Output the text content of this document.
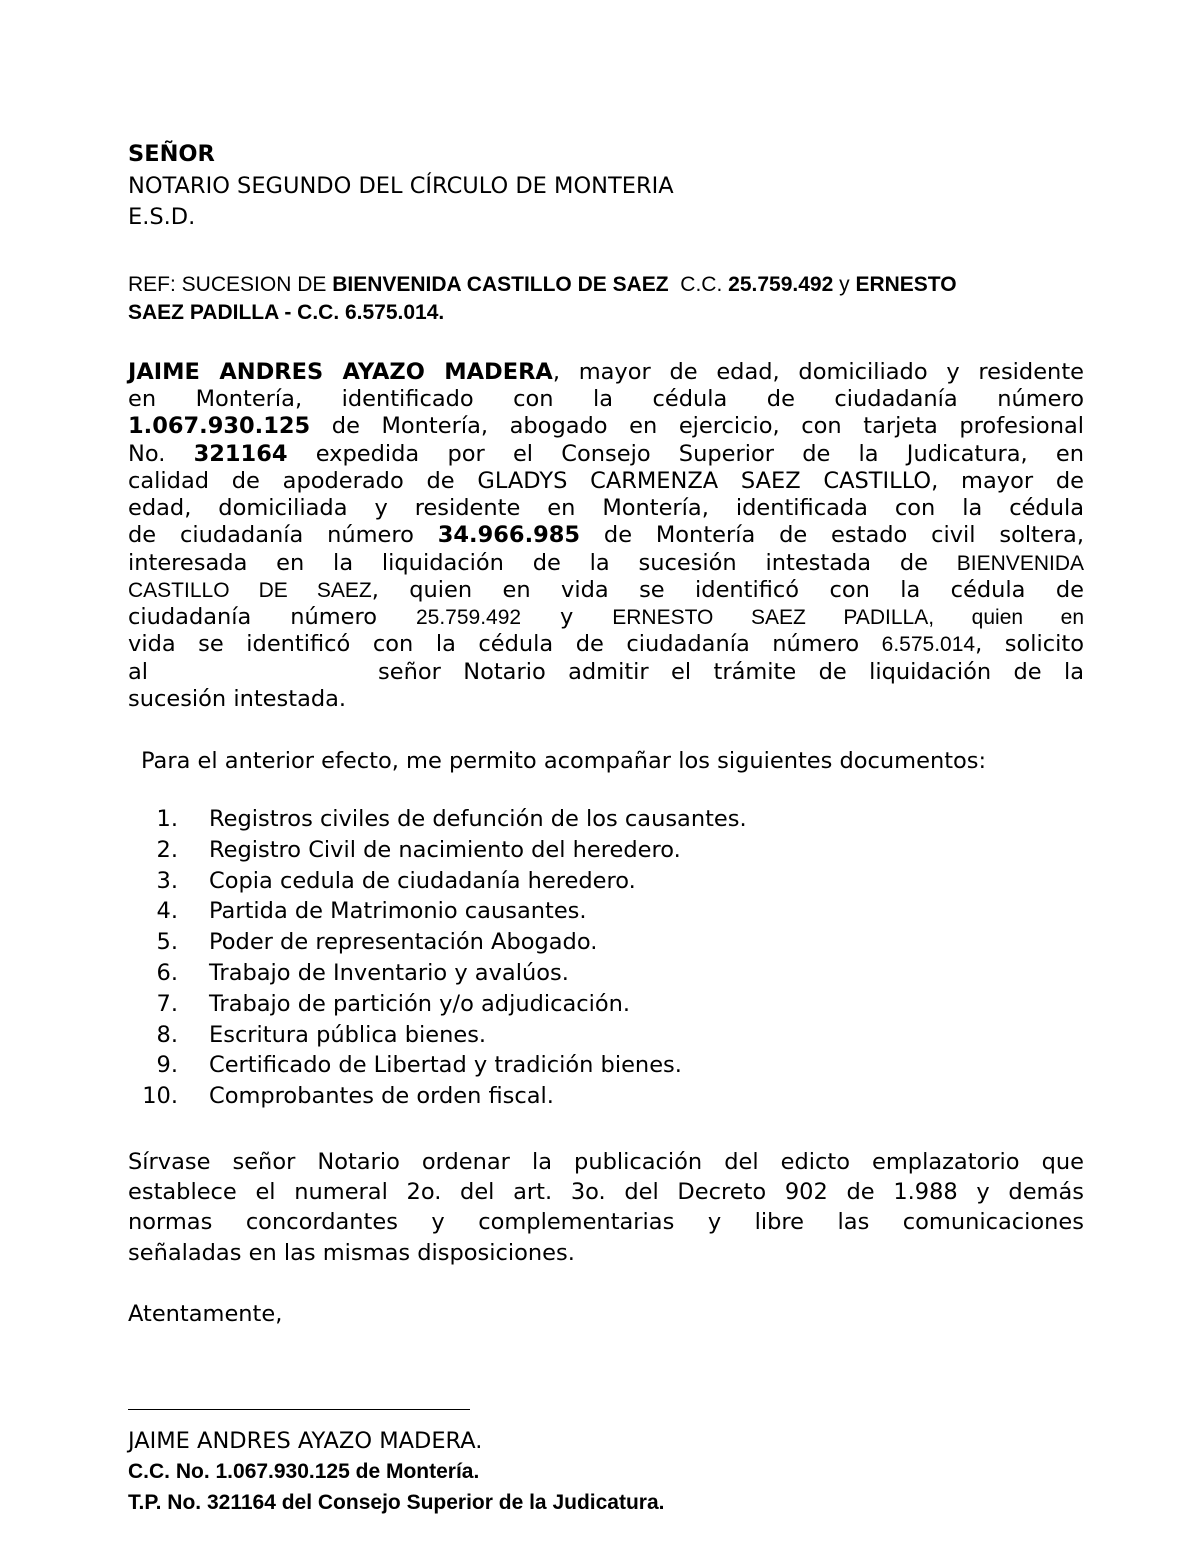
SEÑOR
NOTARIO SEGUNDO DEL CÍRCULO DE MONTERIA
E.S.D.
REF: SUCESION DE BIENVENIDA CASTILLO DE SAEZ C.C. 25.759.492 y ERNESTO
SAEZ PADILLA - C.C. 6.575.014.
JAIME ANDRES AYAZO MADERA, mayor de edad, domiciliado y residente
en Montería, identificado con la cédula de ciudadanía número
1.067.930.125 de Montería, abogado en ejercicio, con tarjeta profesional
No. 321164 expedida por el Consejo Superior de la Judicatura, en
calidad de apoderado de GLADYS CARMENZA SAEZ CASTILLO, mayor de
edad, domiciliada y residente en Montería, identificada con la cédula
de ciudadanía número 34.966.985 de Montería de estado civil soltera,
interesada en la liquidación de la sucesión intestada de BIENVENIDA
CASTILLO DE SAEZ, quien en vida se identificó con la cédula de
ciudadanía número 25.759.492 y ERNESTO SAEZ PADILLA, quien en
vida se identificó con la cédula de ciudadanía número 6.575.014, solicito
al	señor Notario admitir el trámite de liquidación de la
sucesión intestada.
Para el anterior efecto, me permito acompañar los siguientes documentos:
1. Registros civiles de defunción de los causantes.
2. Registro Civil de nacimiento del heredero.
3. Copia cedula de ciudadanía heredero.
4. Partida de Matrimonio causantes.
5. Poder de representación Abogado.
6. Trabajo de Inventario y avalúos.
7. Trabajo de partición y/o adjudicación.
8. Escritura pública bienes.
9. Certificado de Libertad y tradición bienes.
10. Comprobantes de orden fiscal.
Sírvase señor Notario ordenar la publicación del edicto emplazatorio que
establece el numeral 2o. del art. 3o. del Decreto 902 de 1.988 y demás
normas concordantes y complementarias y libre las comunicaciones
señaladas en las mismas disposiciones.
Atentamente,
JAIME ANDRES AYAZO MADERA.
C.C. No. 1.067.930.125 de Montería.
T.P. No. 321164 del Consejo Superior de la Judicatura.
